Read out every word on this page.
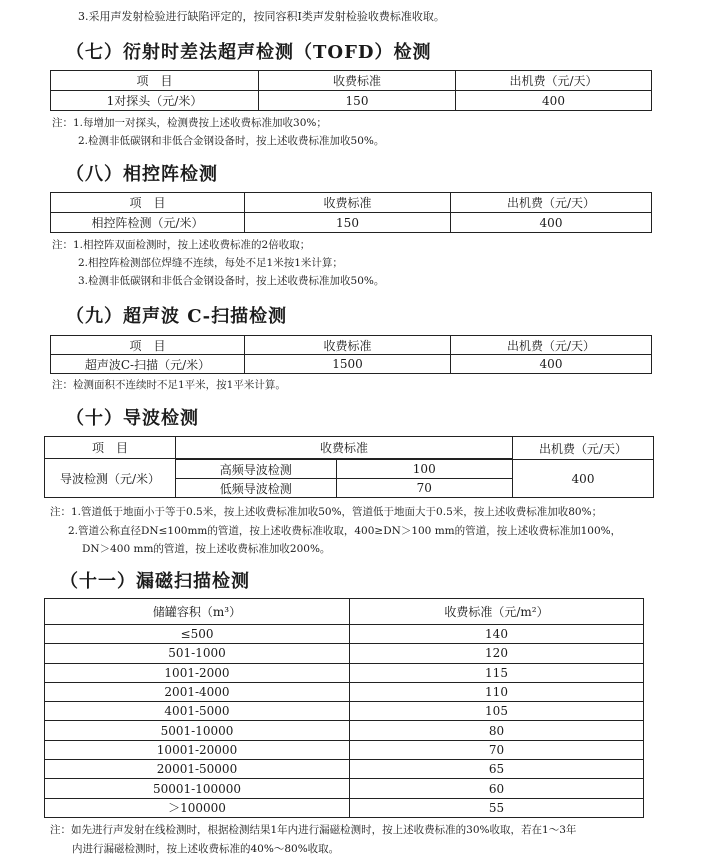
3.采用声发射检验进行缺陷评定的，按同容积Ⅰ类声发射检验收费标准收取。
（七）衍射时差法超声检测（TOFD）检测
项　目	收费标准	出机费（元/天）
1对探头（元/米）	150	400
注：1.每增加一对探头，检测费按上述收费标准加收30%；
2.检测非低碳钢和非低合金钢设备时，按上述收费标准加收50%。
（八）相控阵检测
项　目	收费标准	出机费（元/天）
相控阵检测（元/米）	150	400
注：1.相控阵双面检测时，按上述收费标准的2倍收取；
2.相控阵检测部位焊缝不连续，每处不足1米按1米计算；
3.检测非低碳钢和非低合金钢设备时，按上述收费标准加收50%。
（九）超声波 C-扫描检测
项　目	收费标准	出机费（元/天）
超声波C-扫描（元/米）	1500	400
注：检测面积不连续时不足1平米，按1平米计算。
（十）导波检测
项　目	收费标准		出机费（元/天）
导波检测（元/米）			
	高频导波检测	100	400
	低频导波检测	70	
注：1.管道低于地面小于等于0.5米，按上述收费标准加收50%，管道低于地面大于0.5米，按上述收费标准加收80%；
2.管道公称直径DN≤100mm的管道，按上述收费标准收取，400≥DN＞100 mm的管道，按上述收费标准加100%，
DN＞400 mm的管道，按上述收费标准加收200%。
（十一）漏磁扫描检测
储罐容积（m³）	收费标准（元/m²）
≤500	140
501-1000	120
1001-2000	115
2001-4000	110
4001-5000	105
5001-10000	80
10001-20000	70
20001-50000	65
50001-100000	60
＞100000	55
注：如先进行声发射在线检测时，根据检测结果1年内进行漏磁检测时，按上述收费标准的30%收取，若在1～3年
内进行漏磁检测时，按上述收费标准的40%～80%收取。
